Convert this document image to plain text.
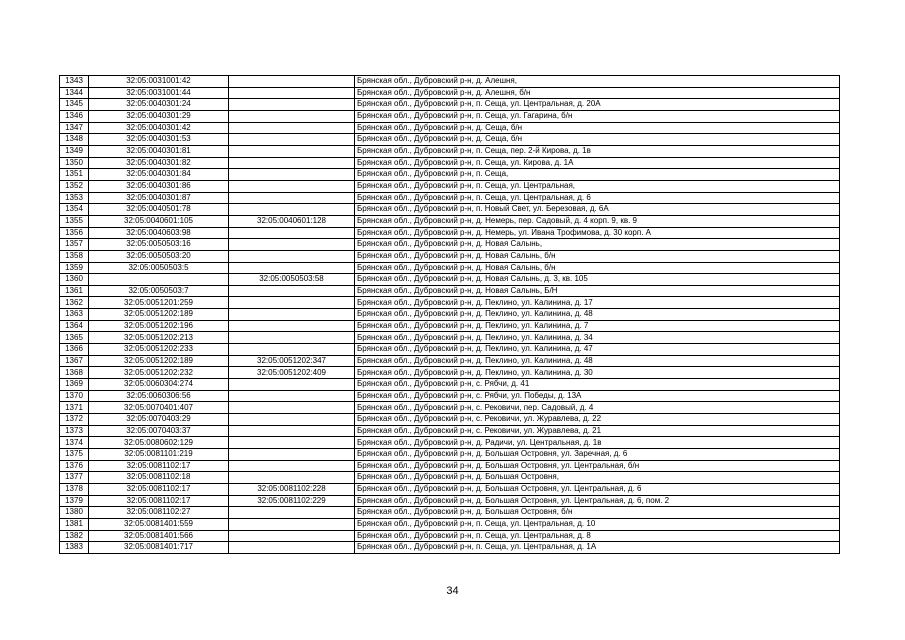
1343	32:05:0031001:42		Брянская обл., Дубровский р-н, д. Алешня,
1344	32:05:0031001:44		Брянская обл., Дубровский р-н, д. Алешня, б/н
1345	32:05:0040301:24		Брянская обл., Дубровский р-н, п. Сеща, ул. Центральная, д. 20А
1346	32:05:0040301:29		Брянская обл., Дубровский р-н, п. Сеща, ул. Гагарина, б/н
1347	32:05:0040301:42		Брянская обл., Дубровский р-н, д. Сеща, б/н
1348	32:05:0040301:53		Брянская обл., Дубровский р-н, д. Сеща, б/н
1349	32:05:0040301:81		Брянская обл., Дубровский р-н, п. Сеща, пер. 2-й Кирова, д. 1в
1350	32:05:0040301:82		Брянская обл., Дубровский р-н, п. Сеща, ул. Кирова, д. 1А
1351	32:05:0040301:84		Брянская обл., Дубровский р-н, п. Сеща,
1352	32:05:0040301:86		Брянская обл., Дубровский р-н, п. Сеща, ул. Центральная,
1353	32:05:0040301:87		Брянская обл., Дубровский р-н, п. Сеща, ул. Центральная, д. 6
1354	32:05:0040501:78		Брянская обл., Дубровский р-н, п. Новый Свет, ул. Березовая, д. 6А
1355	32:05:0040601:105	32:05:0040601:128	Брянская обл., Дубровский р-н, д. Немерь, пер. Садовый, д. 4 корп. 9, кв. 9
1356	32:05:0040603:98		Брянская обл., Дубровский р-н, д. Немерь, ул. Ивана Трофимова, д. 30 корп. А
1357	32:05:0050503:16		Брянская обл., Дубровский р-н, д. Новая Салынь,
1358	32:05:0050503:20		Брянская обл., Дубровский р-н, д. Новая Салынь, б/н
1359	32:05:0050503:5		Брянская обл., Дубровский р-н, д. Новая Салынь, б/н
1360		32:05:0050503:58	Брянская обл., Дубровский р-н, д. Новая Салынь, д. 3, кв. 105
1361	32:05:0050503:7		Брянская обл., Дубровский р-н, д. Новая Салынь, Б/Н
1362	32:05:0051201:259		Брянская обл., Дубровский р-н, д. Пеклино, ул. Калинина, д. 17
1363	32:05:0051202:189		Брянская обл., Дубровский р-н, д. Пеклино, ул. Калинина, д. 48
1364	32:05:0051202:196		Брянская обл., Дубровский р-н, д. Пеклино, ул. Калинина, д. 7
1365	32:05:0051202:213		Брянская обл., Дубровский р-н, д. Пеклино, ул. Калинина, д. 34
1366	32:05:0051202:233		Брянская обл., Дубровский р-н, д. Пеклино, ул. Калинина, д. 47
1367	32:05:0051202:189	32:05:0051202:347	Брянская обл., Дубровский р-н, д. Пеклино, ул. Калинина, д. 48
1368	32:05:0051202:232	32:05:0051202:409	Брянская обл., Дубровский р-н, д. Пеклино, ул. Калинина, д. 30
1369	32:05:0060304:274		Брянская обл., Дубровский р-н, с. Рябчи, д. 41
1370	32:05:0060306:56		Брянская обл., Дубровский р-н, с. Рябчи, ул. Победы, д. 13А
1371	32:05:0070401:407		Брянская обл., Дубровский р-н, с. Рековичи, пер. Садовый, д. 4
1372	32:05:0070403:29		Брянская обл., Дубровский р-н, с. Рековичи, ул. Журавлева, д. 22
1373	32:05:0070403:37		Брянская обл., Дубровский р-н, с. Рековичи, ул. Журавлева, д. 21
1374	32:05:0080602:129		Брянская обл., Дубровский р-н, д. Радичи, ул. Центральная, д. 1в
1375	32:05:0081101:219		Брянская обл., Дубровский р-н, д. Большая Островня, ул. Заречная, д. 6
1376	32:05:0081102:17		Брянская обл., Дубровский р-н, д. Большая Островня, ул. Центральная, б/н
1377	32:05:0081102:18		Брянская обл., Дубровский р-н, д. Большая Островня,
1378	32:05:0081102:17	32:05:0081102:228	Брянская обл., Дубровский р-н, д. Большая Островня, ул. Центральная, д. 6
1379	32:05:0081102:17	32:05:0081102:229	Брянская обл., Дубровский р-н, д. Большая Островня, ул. Центральная, д. 6, пом. 2
1380	32:05:0081102:27		Брянская обл., Дубровский р-н, д. Большая Островня, б/н
1381	32:05:0081401:559		Брянская обл., Дубровский р-н, п. Сеща, ул. Центральная, д. 10
1382	32:05:0081401:566		Брянская обл., Дубровский р-н, п. Сеща, ул. Центральная, д. 8
1383	32:05:0081401:717		Брянская обл., Дубровский р-н, п. Сеща, ул. Центральная, д. 1А
34
